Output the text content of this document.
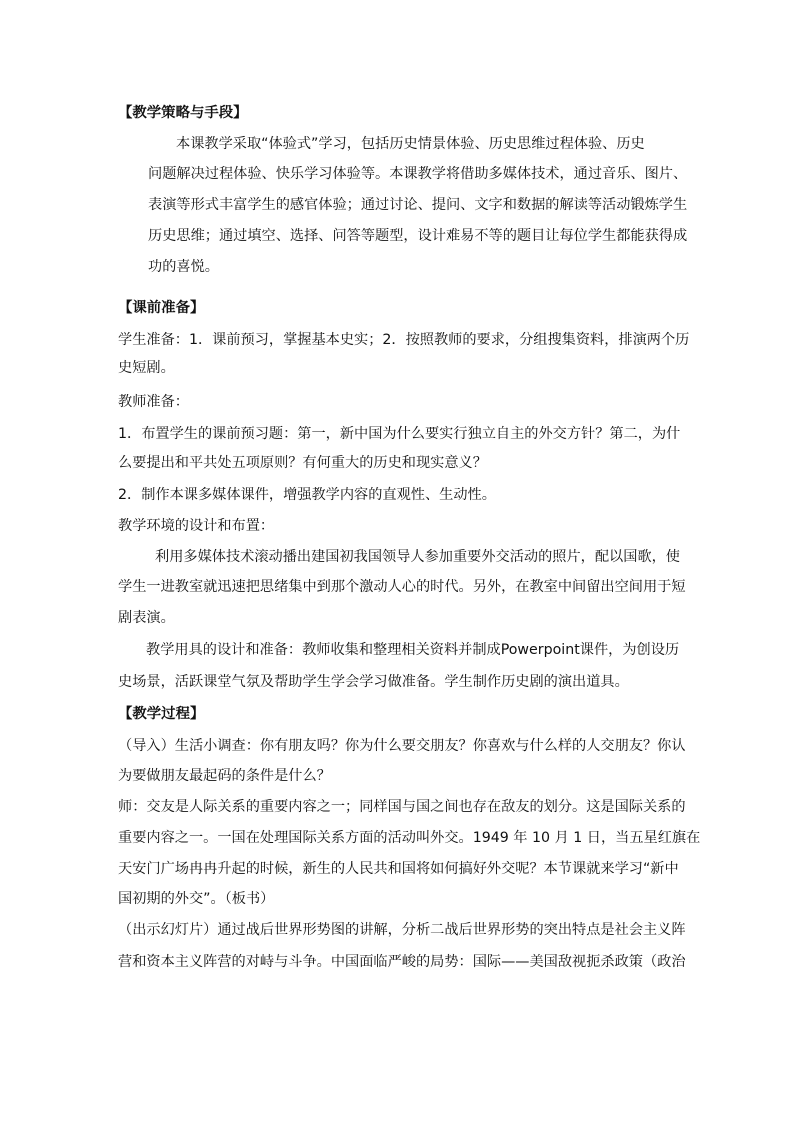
【教学策略与手段】
本课教学采取“体验式”学习，包括历史情景体验、历史思维过程体验、历史
问题解决过程体验、快乐学习体验等。本课教学将借助多媒体技术，通过音乐、图片、
表演等形式丰富学生的感官体验；通过讨论、提问、文字和数据的解读等活动锻炼学生
历史思维；通过填空、选择、问答等题型，设计难易不等的题目让每位学生都能获得成
功的喜悦。
【课前准备】
学生准备：1．课前预习，掌握基本史实；2．按照教师的要求，分组搜集资料，排演两个历
史短剧。
教师准备：
1．布置学生的课前预习题：第一，新中国为什么要实行独立自主的外交方针？第二，为什
么要提出和平共处五项原则？有何重大的历史和现实意义？
2．制作本课多媒体课件，增强教学内容的直观性、生动性。
教学环境的设计和布置：
利用多媒体技术滚动播出建国初我国领导人参加重要外交活动的照片，配以国歌，使
学生一进教室就迅速把思绪集中到那个激动人心的时代。另外，在教室中间留出空间用于短
剧表演。
教学用具的设计和准备：教师收集和整理相关资料并制成Powerpoint课件，为创设历
史场景，活跃课堂气氛及帮助学生学会学习做准备。学生制作历史剧的演出道具。
【教学过程】
（导入）生活小调查：你有朋友吗？你为什么要交朋友？你喜欢与什么样的人交朋友？你认
为要做朋友最起码的条件是什么？
师：交友是人际关系的重要内容之一；同样国与国之间也存在敌友的划分。这是国际关系的
重要内容之一。一国在处理国际关系方面的活动叫外交。1949 年 10 月 1 日，当五星红旗在
天安门广场冉冉升起的时候，新生的人民共和国将如何搞好外交呢？本节课就来学习“新中
国初期的外交”。（板书）
（出示幻灯片）通过战后世界形势图的讲解，分析二战后世界形势的突出特点是社会主义阵
营和资本主义阵营的对峙与斗争。中国面临严峻的局势：国际——美国敌视扼杀政策（政治
